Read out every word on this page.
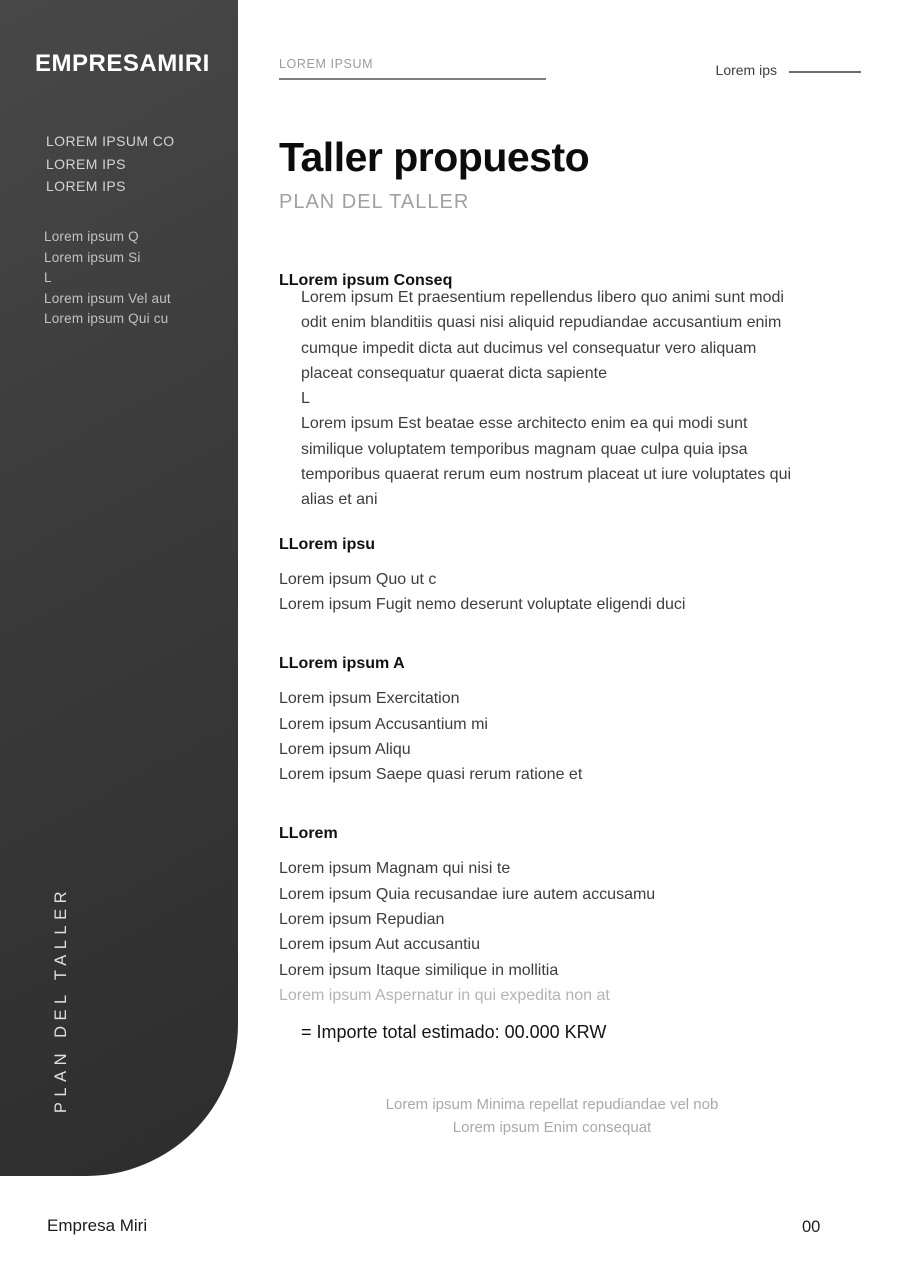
EMPRESAMIRI
LOREM IPSUM CO
LOREM IPS
LOREM IPS
Lorem ipsum Q
Lorem ipsum Si
L
Lorem ipsum Vel aut
Lorem ipsum Qui cu
PLAN DEL TALLER
LOREM IPSUM	Lorem ips
Taller propuesto
PLAN DEL TALLER
LLorem ipsum Conseq
Lorem ipsum Et praesentium repellendus libero quo animi sunt modi
odit enim blanditiis quasi nisi aliquid repudiandae accusantium enim
cumque impedit dicta aut ducimus vel consequatur vero aliquam
placeat consequatur quaerat dicta sapiente
L
Lorem ipsum Est beatae esse architecto enim ea qui modi sunt
similique voluptatem temporibus magnam quae culpa quia ipsa
temporibus quaerat rerum eum nostrum placeat ut iure voluptates qui
alias et ani
LLorem ipsu
Lorem ipsum Quo ut c
Lorem ipsum Fugit nemo deserunt voluptate eligendi duci
LLorem ipsum A
Lorem ipsum Exercitation
Lorem ipsum Accusantium mi
Lorem ipsum Aliqu
Lorem ipsum Saepe quasi rerum ratione et
LLorem
Lorem ipsum Magnam qui nisi te
Lorem ipsum Quia recusandae iure autem accusamu
Lorem ipsum Repudian
Lorem ipsum Aut accusantiu
Lorem ipsum Itaque similique in mollitia
Lorem ipsum Aspernatur in qui expedita non at
= Importe total estimado: 00.000 KRW
Lorem ipsum Minima repellat repudiandae vel nob
Lorem ipsum Enim consequat
Empresa Miri	00
